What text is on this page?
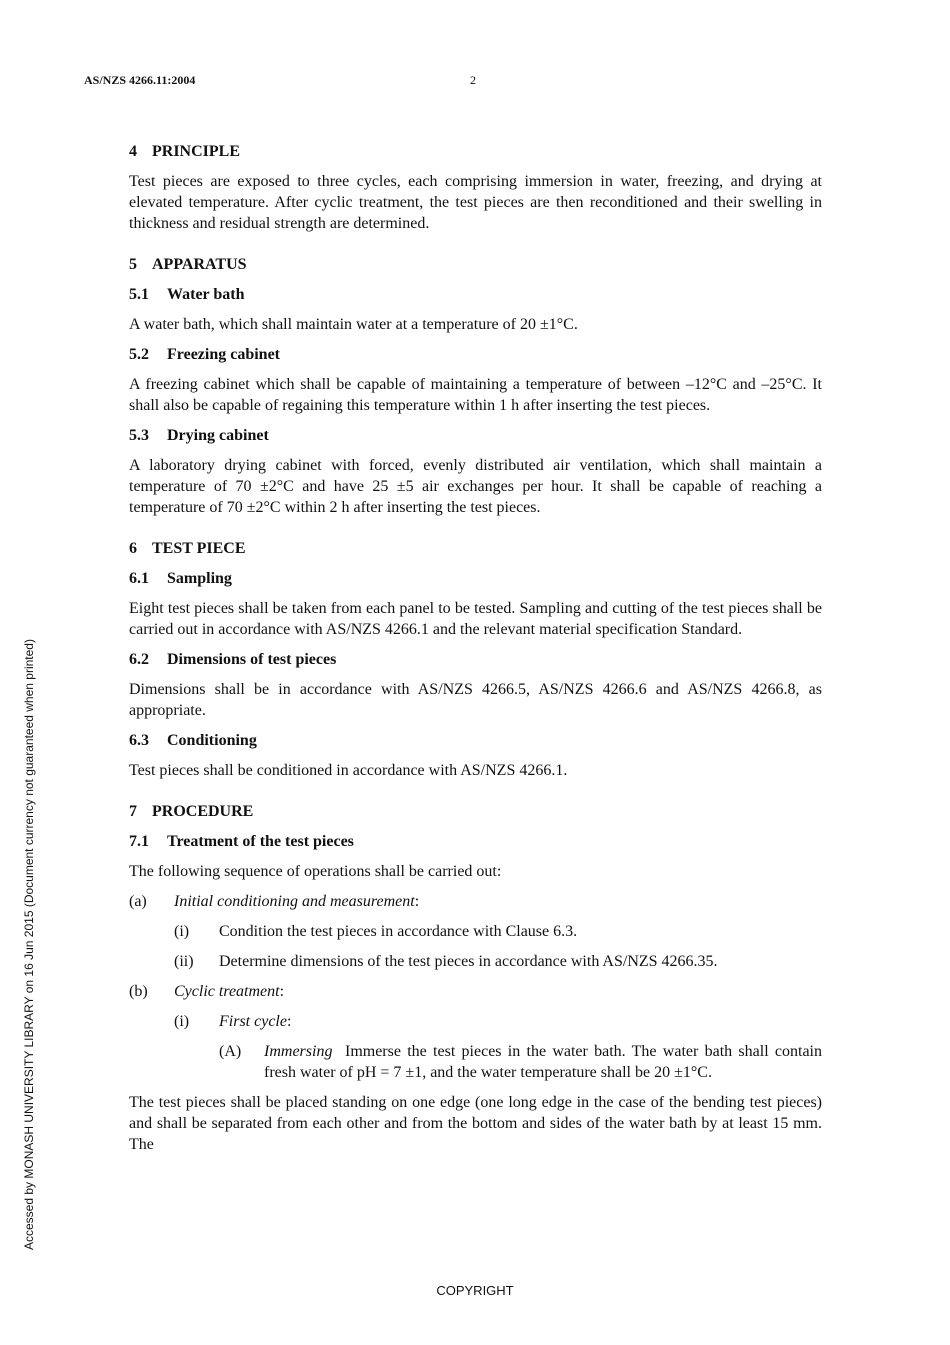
AS/NZS 4266.11:2004	2
Accessed by MONASH UNIVERSITY LIBRARY on 16 Jun 2015 (Document currency not guaranteed when printed)
4 PRINCIPLE

Test pieces are exposed to three cycles, each comprising immersion in water, freezing, and drying at elevated temperature. After cyclic treatment, the test pieces are then reconditioned and their swelling in thickness and residual strength are determined.

5 APPARATUS
5.1 Water bath

A water bath, which shall maintain water at a temperature of 20 ±1°C.

5.2 Freezing cabinet

A freezing cabinet which shall be capable of maintaining a temperature of between –12°C and –25°C. It shall also be capable of regaining this temperature within 1 h after inserting the test pieces.

5.3 Drying cabinet

A laboratory drying cabinet with forced, evenly distributed air ventilation, which shall maintain a temperature of 70 ±2°C and have 25 ±5 air exchanges per hour. It shall be capable of reaching a temperature of 70 ±2°C within 2 h after inserting the test pieces.

6 TEST PIECE
6.1 Sampling

Eight test pieces shall be taken from each panel to be tested. Sampling and cutting of the test pieces shall be carried out in accordance with AS/NZS 4266.1 and the relevant material specification Standard.

6.2 Dimensions of test pieces

Dimensions shall be in accordance with AS/NZS 4266.5, AS/NZS 4266.6 and AS/NZS 4266.8, as appropriate.

6.3 Conditioning

Test pieces shall be conditioned in accordance with AS/NZS 4266.1.

7 PROCEDURE
7.1 Treatment of the test pieces

The following sequence of operations shall be carried out:

(a)	Initial conditioning and measurement:
(i)	Condition the test pieces in accordance with Clause 6.3.
(ii)	Determine dimensions of the test pieces in accordance with AS/NZS 4266.35.
(b)	Cyclic treatment:
(i)	First cycle:
(A)	Immersing Immerse the test pieces in the water bath. The water bath shall contain fresh water of pH = 7 ±1, and the water temperature shall be 20 ±1°C.

The test pieces shall be placed standing on one edge (one long edge in the case of the bending test pieces) and shall be separated from each other and from the bottom and sides of the water bath by at least 15 mm. The

COPYRIGHT
